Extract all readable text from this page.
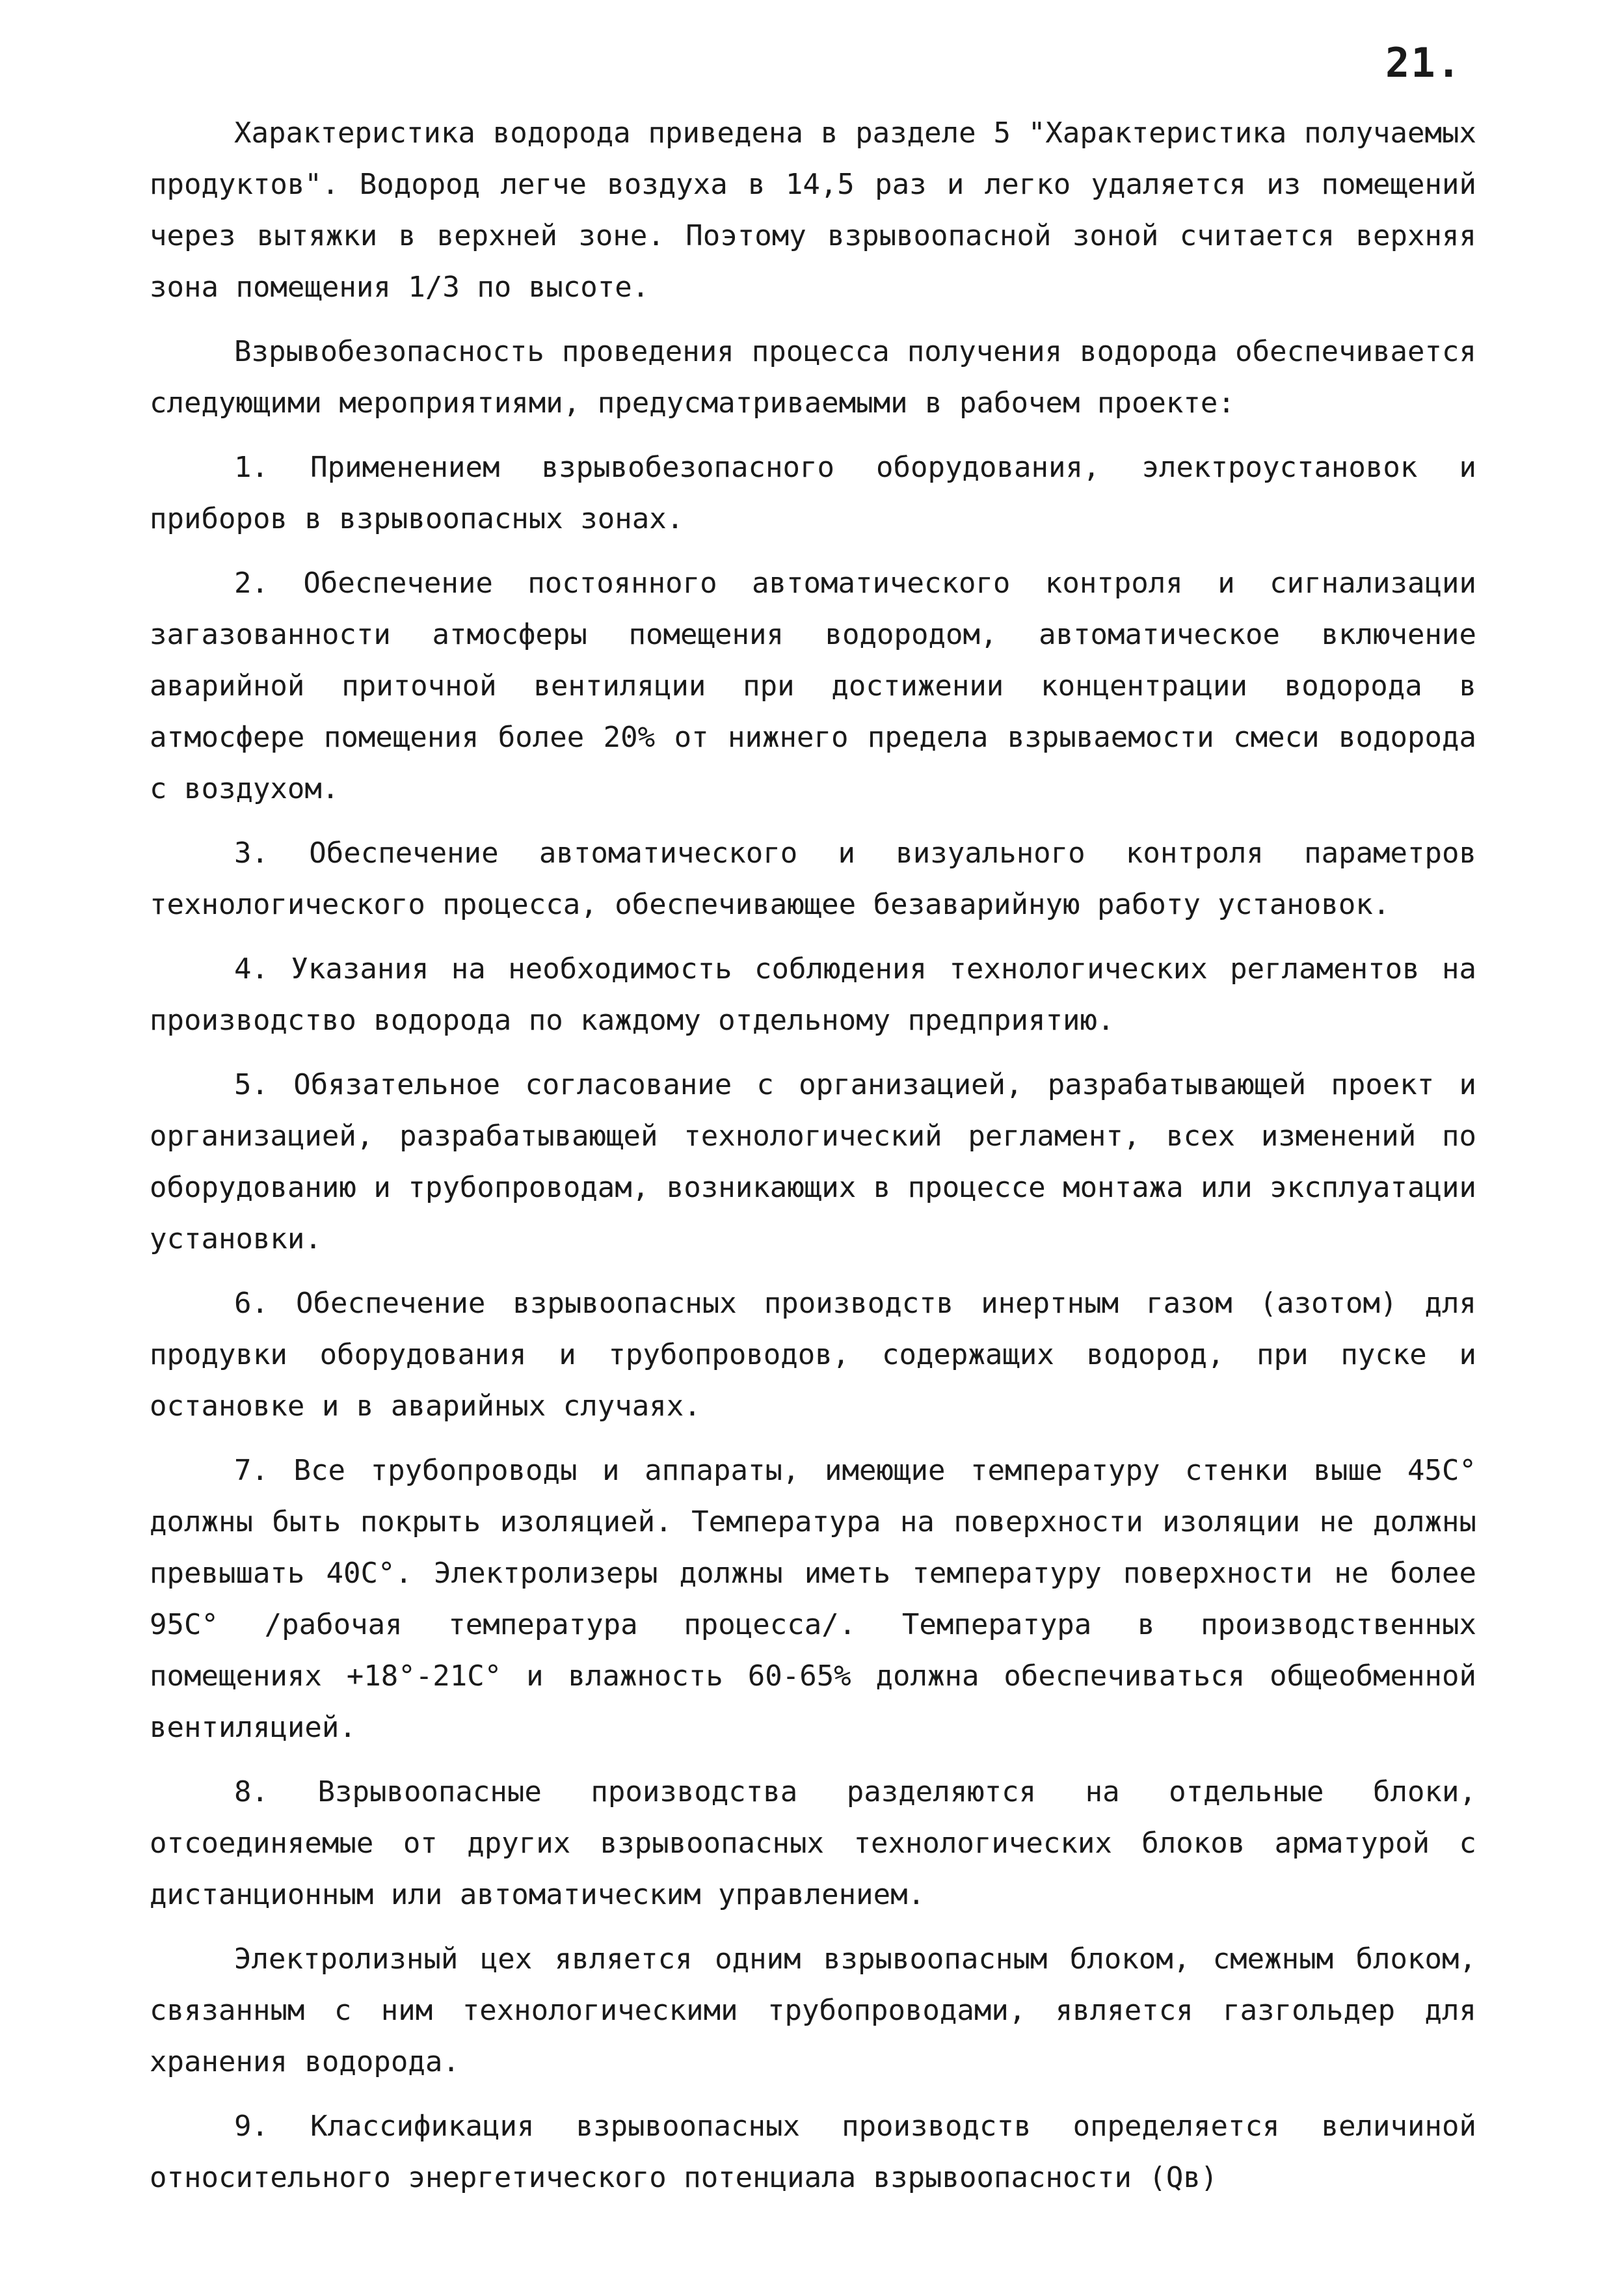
21.

Характеристика водорода приведена в разделе 5 "Характеристика получаемых продуктов". Водород легче воздуха в 14,5 раз и легко удаляется из помещений через вытяжки в верхней зоне. Поэтому взрывоопасной зоной считается верхняя зона помещения 1/3 по высоте.

Взрывобезопасность проведения процесса получения водорода обеспечивается следующими мероприятиями, предусматриваемыми в рабочем проекте:

1. Применением взрывобезопасного оборудования, электроустановок и приборов в взрывоопасных зонах.

2. Обеспечение постоянного автоматического контроля и сигнализации загазованности атмосферы помещения водородом, автоматическое включение аварийной приточной вентиляции при достижении концентрации водорода в атмосфере помещения более 20% от нижнего предела взрываемости смеси водорода с воздухом.

3. Обеспечение автоматического и визуального контроля параметров технологического процесса, обеспечивающее безаварийную работу установок.

4. Указания на необходимость соблюдения технологических регламентов на производство водорода по каждому отдельному предприятию.

5. Обязательное согласование с организацией, разрабатывающей проект и организацией, разрабатывающей технологический регламент, всех изменений по оборудованию и трубопроводам, возникающих в процессе монтажа или эксплуатации установки.

6. Обеспечение взрывоопасных производств инертным газом (азотом) для продувки оборудования и трубопроводов, содержащих водород, при пуске и остановке и в аварийных случаях.

7. Все трубопроводы и аппараты, имеющие температуру стенки выше 45С° должны быть покрыть изоляцией. Температура на поверхности изоляции не должны превышать 40С°. Электролизеры должны иметь температуру поверхности не более 95С° /рабочая температура процесса/. Температура в производственных помещениях +18°-21С° и влажность 60-65% должна обеспечиваться общеобменной вентиляцией.

8. Взрывоопасные производства разделяются на отдельные блоки, отсоединяемые от других взрывоопасных технологических блоков арматурой с дистанционным или автоматическим управлением.

Электролизный цех является одним взрывоопасным блоком, смежным блоком, связанным с ним технологическими трубопроводами, является газгольдер для хранения водорода.

9. Классификация взрывоопасных производств определяется величиной относительного энергетического потенциала взрывоопасности (Qв)
